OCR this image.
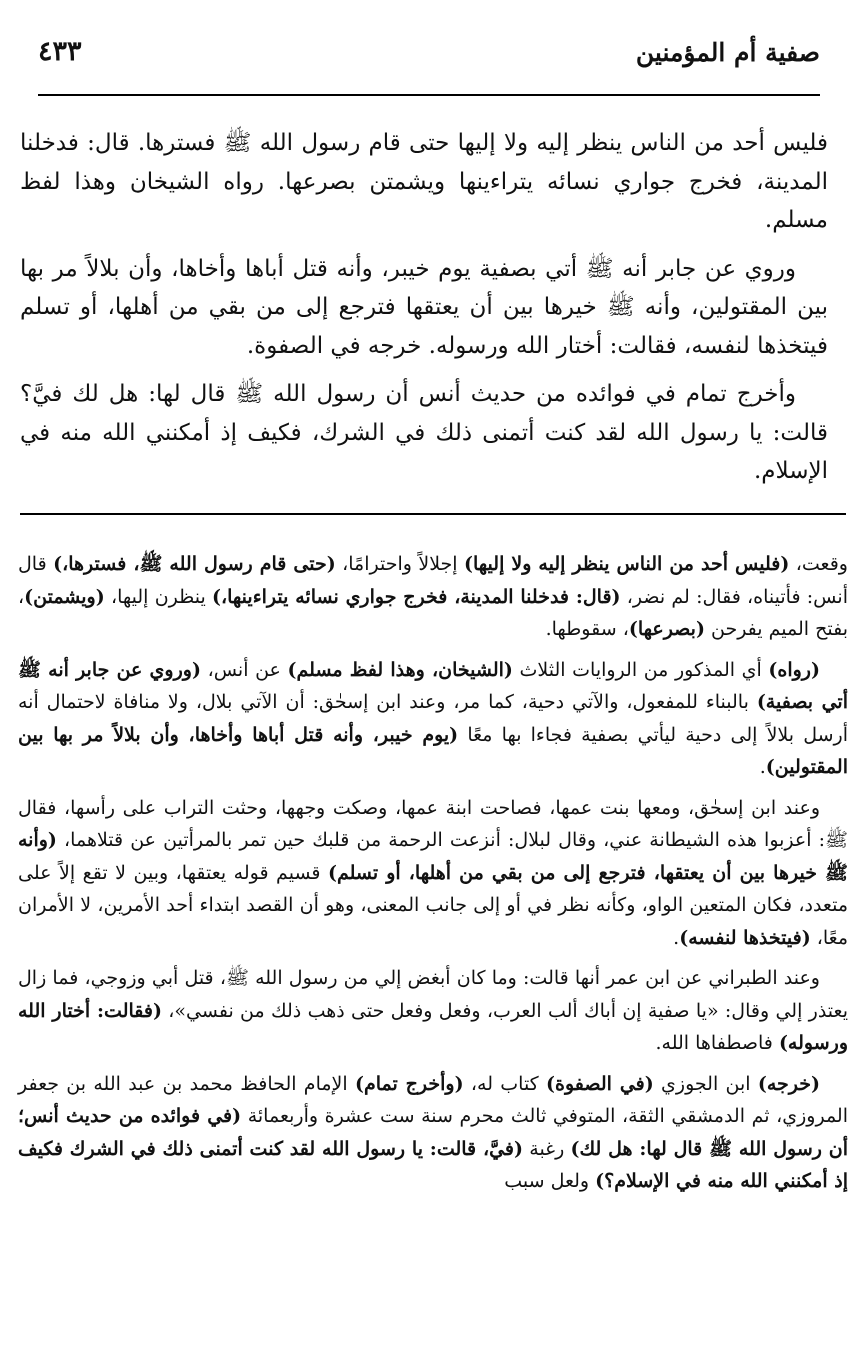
صفية أم المؤمنين
٤٣٣

فليس أحد من الناس ينظر إليه ولا إليها حتى قام رسول الله ﷺ فسترها. قال: فدخلنا المدينة، فخرج جواري نسائه يتراءينها ويشمتن بصرعها. رواه الشيخان وهذا لفظ مسلم.

وروي عن جابر أنه ﷺ أتي بصفية يوم خيبر، وأنه قتل أباها وأخاها، وأن بلالاً مر بها بين المقتولين، وأنه ﷺ خيرها بين أن يعتقها فترجع إلى من بقي من أهلها، أو تسلم فيتخذها لنفسه، فقالت: أختار الله ورسوله. خرجه في الصفوة.

وأخرج تمام في فوائده من حديث أنس أن رسول الله ﷺ قال لها: هل لك فيَّ؟ قالت: يا رسول الله لقد كنت أتمنى ذلك في الشرك، فكيف إذ أمكنني الله منه في الإسلام.

وقعت، (فليس أحد من الناس ينظر إليه ولا إليها) إجلالاً واحترامًا، (حتى قام رسول الله ﷺ، فسترها،) قال أنس: فأتيناه، فقال: لم نضر، (قال: فدخلنا المدينة، فخرج جواري نسائه يتراءينها،) ينظرن إليها، (ويشمتن)، بفتح الميم يفرحن (بصرعها)، سقوطها.

(رواه) أي المذكور من الروايات الثلاث (الشيخان، وهذا لفظ مسلم) عن أنس، (وروي عن جابر أنه ﷺ أتي بصفية) بالبناء للمفعول، والآتي دحية، كما مر، وعند ابن إسحٰق: أن الآتي بلال، ولا منافاة لاحتمال أنه أرسل بلالاً إلى دحية ليأتي بصفية فجاءا بها معًا (يوم خيبر، وأنه قتل أباها وأخاها، وأن بلالاً مر بها بين المقتولين).

وعند ابن إسحٰق، ومعها بنت عمها، فصاحت ابنة عمها، وصكت وجهها، وحثت التراب على رأسها، فقال ﷺ: أعزبوا هذه الشيطانة عني، وقال لبلال: أنزعت الرحمة من قلبك حين تمر بالمرأتين عن قتلاهما، (وأنه ﷺ خيرها بين أن يعتقها، فترجع إلى من بقي من أهلها، أو تسلم) قسيم قوله يعتقها، وبين لا تقع إلاً على متعدد، فكان المتعين الواو، وكأنه نظر في أو إلى جانب المعنى، وهو أن القصد ابتداء أحد الأمرين، لا الأمران معًا، (فيتخذها لنفسه).

وعند الطبراني عن ابن عمر أنها قالت: وما كان أبغض إلي من رسول الله ﷺ، قتل أبي وزوجي، فما زال يعتذر إلي وقال: «يا صفية إن أباك ألب العرب، وفعل وفعل حتى ذهب ذلك من نفسي»، (فقالت: أختار الله ورسوله) فاصطفاها الله.

(خرجه) ابن الجوزي (في الصفوة) كتاب له، (وأخرج تمام) الإمام الحافظ محمد بن عبد الله بن جعفر المروزي، ثم الدمشقي الثقة، المتوفي ثالث محرم سنة ست عشرة وأربعمائة (في فوائده من حديث أنس؛ أن رسول الله ﷺ قال لها: هل لك) رغبة (فيَّ، قالت: يا رسول الله لقد كنت أتمنى ذلك في الشرك فكيف إذ أمكنني الله منه في الإسلام؟) ولعل سبب
